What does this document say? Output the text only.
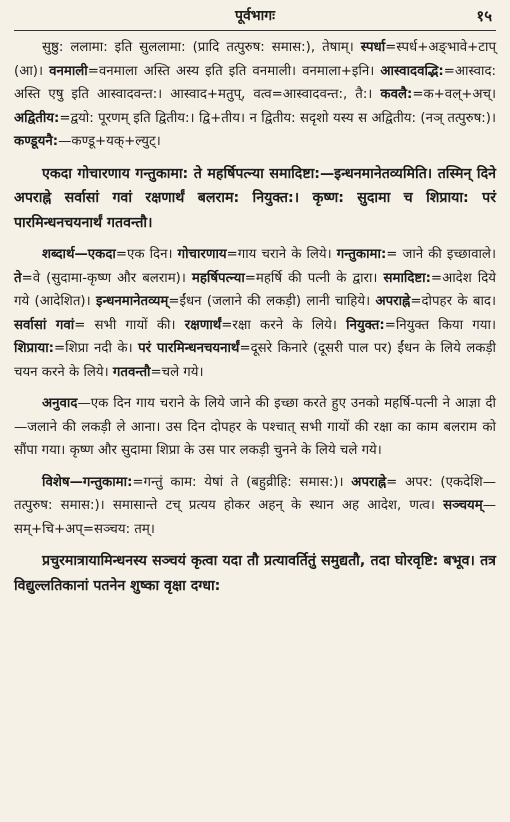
पूर्वभागः	१५

सुष्ठु: ललामा: इति सुललामा: (प्रादि तत्पुरुष: समास:), तेषाम्। स्पर्धा=स्पर्ध+अङ्भावे+टाप् (आ)। वनमाली=वनमाला अस्ति अस्य इति इति वनमाली। वनमाला+इनि। आस्वादवद्भि:=आस्वाद: अस्ति एषु इति आस्वादवन्त:। आस्वाद+मतुप्, वत्‍व=आस्वादवन्त:, तै:। कवलै:=क+वल्+अच्। अद्वितीय:=द्वयो: पूरणम् इति द्वितीय:। द्वि+तीय। न द्वितीय: सदृशो यस्य स अद्वितीय: (नञ् तत्पुरुष:)। कण्डूयनै:—कण्डू+यक्+ल्युट्।

एकदा गोचारणाय गन्तुकामा: ते महर्षिपत्न्या समादिष्टा:—इन्धनमानेतव्यमिति। तस्मिन् दिने अपराह्ने सर्वासां गवां रक्षणार्थं बलराम: नियुक्त:। कृष्ण: सुदामा च शिप्राया: परं पारमिन्धनचयनार्थं गतवन्तौ।

शब्दार्थ—एकदा=एक दिन। गोचारणाय=गाय चराने के लिये। गन्तुकामा:= जाने की इच्छावाले। ते=वे (सुदामा-कृष्ण और बलराम)। महर्षिपत्न्या=महर्षि की पत्नी के द्वारा। समादिष्टा:=आदेश दिये गये (आदेशित)। इन्धनमानेतव्यम्=ईंधन (जलाने की लकड़ी) लानी चाहिये। अपराह्ने=दोपहर के बाद। सर्वासां गवां= सभी गायों की। रक्षणार्थं=रक्षा करने के लिये। नियुक्त:=नियुक्त किया गया। शिप्राया:=शिप्रा नदी के। परं पारमिन्धनचयनार्थं=दूसरे किनारे (दूसरी पाल पर) ईंधन के लिये लकड़ी चयन करने के लिये। गतवन्तौ=चले गये।

अनुवाद—एक दिन गाय चराने के लिये जाने की इच्छा करते हुए उनको महर्षि-पत्नी ने आज्ञा दी—जलाने की लकड़ी ले आना। उस दिन दोपहर के पश्चात् सभी गायों की रक्षा का काम बलराम को सौंपा गया। कृष्ण और सुदामा शिप्रा के उस पार लकड़ी चुनने के लिये चले गये।

विशेष—गन्तुकामा:=गन्तुं काम: येषां ते (बहुव्रीहि: समास:)। अपराह्ने= अपर: (एकदेशि—तत्पुरुष: समास:)। समासान्ते टच् प्रत्यय होकर अहन् के स्थान अह आदेश, णत्व। सञ्चयम्—सम्+चि+अप्=सञ्चय: तम्।

प्रचुरमात्रायामिन्धनस्य सञ्चयं कृत्वा यदा तौ प्रत्यावर्तितुं समुद्यतौ, तदा घोरवृष्टि: बभूव। तत्र विद्युल्लतिकानां पतनेन शुष्का वृक्षा दग्धा:
